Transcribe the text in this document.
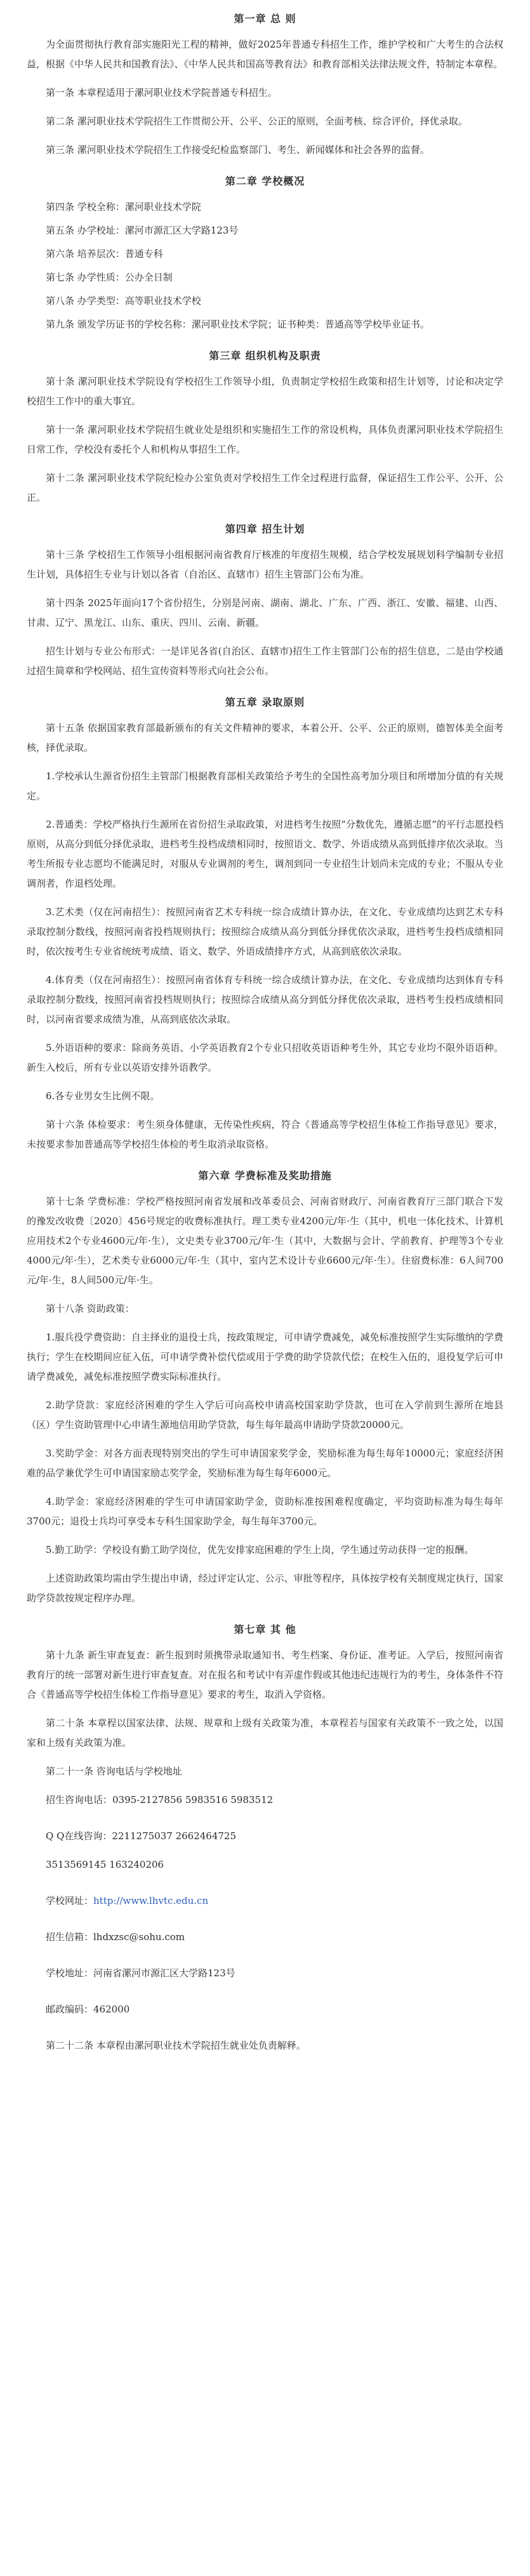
第一章 总 则

为全面贯彻执行教育部实施阳光工程的精神，做好2025年普通专科招生工作，维护学校和广大考生的合法权益，根据《中华人民共和国教育法》、《中华人民共和国高等教育法》和教育部相关法律法规文件，特制定本章程。

第一条 本章程适用于漯河职业技术学院普通专科招生。

第二条 漯河职业技术学院招生工作贯彻公开、公平、公正的原则，全面考核、综合评价，择优录取。

第三条 漯河职业技术学院招生工作接受纪检监察部门、考生、新闻媒体和社会各界的监督。

第二章 学校概况

第四条 学校全称：漯河职业技术学院

第五条 办学校址：漯河市源汇区大学路123号

第六条 培养层次：普通专科

第七条 办学性质：公办全日制

第八条 办学类型：高等职业技术学校

第九条 颁发学历证书的学校名称：漯河职业技术学院；证书种类：普通高等学校毕业证书。

第三章 组织机构及职责

第十条 漯河职业技术学院设有学校招生工作领导小组，负责制定学校招生政策和招生计划等，讨论和决定学校招生工作中的重大事宜。

第十一条 漯河职业技术学院招生就业处是组织和实施招生工作的常设机构，具体负责漯河职业技术学院招生日常工作，学校没有委托个人和机构从事招生工作。

第十二条 漯河职业技术学院纪检办公室负责对学校招生工作全过程进行监督，保证招生工作公平、公开、公正。

第四章 招生计划

第十三条 学校招生工作领导小组根据河南省教育厅核准的年度招生规模，结合学校发展规划科学编制专业招生计划，具体招生专业与计划以各省（自治区、直辖市）招生主管部门公布为准。

第十四条 2025年面向17个省份招生，分别是河南、湖南、湖北、广东、广西、浙江、安徽、福建、山西、甘肃、辽宁、黑龙江、山东、重庆、四川、云南、新疆。

招生计划与专业公布形式：一是详见各省(自治区、直辖市)招生工作主管部门公布的招生信息，二是由学校通过招生简章和学校网站、招生宣传资料等形式向社会公布。

第五章 录取原则

第十五条 依据国家教育部最新颁布的有关文件精神的要求，本着公开、公平、公正的原则，德智体美全面考核，择优录取。

1.学校承认生源省份招生主管部门根据教育部相关政策给予考生的全国性高考加分项目和所增加分值的有关规定。

2.普通类：学校严格执行生源所在省份招生录取政策，对进档考生按照“分数优先，遵循志愿”的平行志愿投档原则，从高分到低分择优录取，进档考生投档成绩相同时，按照语文、数学、外语成绩从高到低排序依次录取。当考生所报专业志愿均不能满足时，对服从专业调剂的考生，调剂到同一专业招生计划尚未完成的专业；不服从专业调剂者，作退档处理。

3.艺术类（仅在河南招生）：按照河南省艺术专科统一综合成绩计算办法，在文化、专业成绩均达到艺术专科录取控制分数线，按照河南省投档规则执行；按照综合成绩从高分到低分择优依次录取，进档考生投档成绩相同时，依次按考生专业省统统考成绩、语文、数学、外语成绩排序方式，从高到底依次录取。

4.体育类（仅在河南招生）：按照河南省体育专科统一综合成绩计算办法，在文化、专业成绩均达到体育专科录取控制分数线，按照河南省投档规则执行；按照综合成绩从高分到低分择优依次录取，进档考生投档成绩相同时，以河南省要求成绩为准，从高到底依次录取。

5.外语语种的要求：除商务英语、小学英语教育2个专业只招收英语语种考生外，其它专业均不限外语语种。新生入校后，所有专业以英语安排外语教学。

6.各专业男女生比例不限。

第十六条 体检要求：考生须身体健康，无传染性疾病，符合《普通高等学校招生体检工作指导意见》要求，未按要求参加普通高等学校招生体检的考生取消录取资格。

第六章 学费标准及奖助措施

第十七条 学费标准：学校严格按照河南省发展和改革委员会、河南省财政厅、河南省教育厅三部门联合下发的豫发改收费〔2020〕456号规定的收费标准执行。理工类专业4200元/年·生（其中，机电一体化技术、计算机应用技术2个专业4600元/年·生），文史类专业3700元/年·生（其中，大数据与会计、学前教育、护理等3个专业4000元/年·生），艺术类专业6000元/年·生（其中，室内艺术设计专业6600元/年·生）。住宿费标准：6人间700元/年·生，8人间500元/年·生。

第十八条 资助政策：

1.服兵役学费资助：自主择业的退役士兵，按政策规定，可申请学费减免，减免标准按照学生实际缴纳的学费执行；学生在校期间应征入伍，可申请学费补偿代偿或用于学费的助学贷款代偿；在校生入伍的，退役复学后可申请学费减免，减免标准按照学费实际标准执行。

2.助学贷款：家庭经济困难的学生入学后可向高校申请高校国家助学贷款，也可在入学前到生源所在地县（区）学生资助管理中心申请生源地信用助学贷款，每生每年最高申请助学贷款20000元。

3.奖助学金：对各方面表现特别突出的学生可申请国家奖学金，奖励标准为每生每年10000元；家庭经济困难的品学兼优学生可申请国家励志奖学金，奖励标准为每生每年6000元。

4.助学金：家庭经济困难的学生可申请国家助学金，资助标准按困难程度确定，平均资助标准为每生每年3700元；退役士兵均可享受本专科生国家助学金，每生每年3700元。

5.勤工助学：学校设有勤工助学岗位，优先安排家庭困难的学生上岗，学生通过劳动获得一定的报酬。

上述资助政策均需由学生提出申请，经过评定认定、公示、审批等程序，具体按学校有关制度规定执行，国家助学贷款按规定程序办理。

第七章 其 他

第十九条 新生审查复查：新生报到时须携带录取通知书、考生档案、身份证、准考证。入学后，按照河南省教育厅的统一部署对新生进行审查复查。对在报名和考试中有弄虚作假或其他违纪违规行为的考生，身体条件不符合《普通高等学校招生体检工作指导意见》要求的考生，取消入学资格。

第二十条 本章程以国家法律、法规、规章和上级有关政策为准，本章程若与国家有关政策不一致之处，以国家和上级有关政策为准。

第二十一条 咨询电话与学校地址

招生咨询电话：0395-2127856 5983516 5983512
Q Q在线咨询：2211275037 2662464725
3513569145 163240206
学校网址：http://www.lhvtc.edu.cn
招生信箱：lhdxzsc@sohu.com
学校地址：河南省漯河市源汇区大学路123号
邮政编码：462000

第二十二条 本章程由漯河职业技术学院招生就业处负责解释。
